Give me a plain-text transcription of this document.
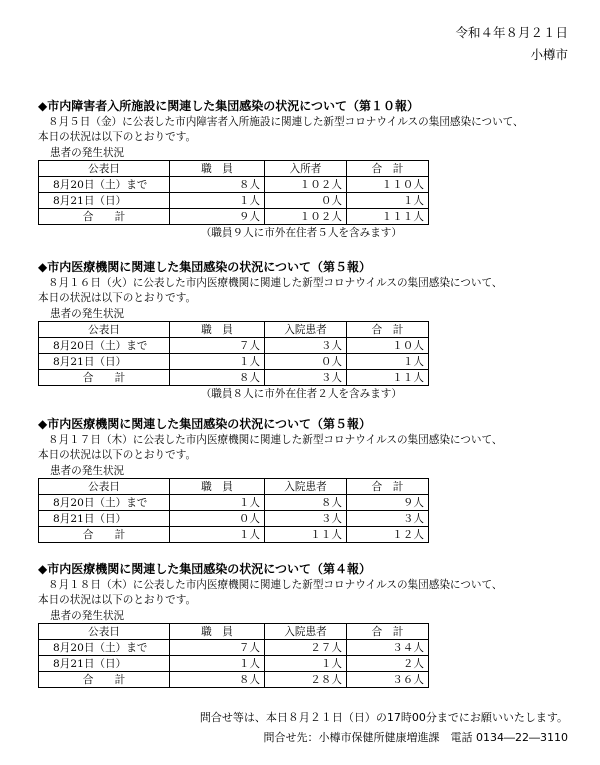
令和４年８月２１日
小樽市

◆市内障害者入所施設に関連した集団感染の状況について（第１０報）

８月５日（金）に公表した市内障害者入所施設に関連した新型コロナウイルスの集団感染について、
本日の状況は以下のとおりです。

患者の発生状況

公表日	職　員	入所者	合　計
8月20日（土）まで	８人	１０２人	１１０人
8月21日（日）	１人	０人	１人
合　　計	９人	１０２人	１１１人

（職員９人に市外在住者５人を含みます）

◆市内医療機関に関連した集団感染の状況について（第５報）

８月１６日（火）に公表した市内医療機関に関連した新型コロナウイルスの集団感染について、
本日の状況は以下のとおりです。

患者の発生状況

公表日	職　員	入院患者	合　計
8月20日（土）まで	７人	３人	１０人
8月21日（日）	１人	０人	１人
合　　計	８人	３人	１１人

（職員８人に市外在住者２人を含みます）

◆市内医療機関に関連した集団感染の状況について（第５報）

８月１７日（木）に公表した市内医療機関に関連した新型コロナウイルスの集団感染について、
本日の状況は以下のとおりです。

患者の発生状況

公表日	職　員	入院患者	合　計
8月20日（土）まで	１人	８人	９人
8月21日（日）	０人	３人	３人
合　　計	１人	１１人	１２人

◆市内医療機関に関連した集団感染の状況について（第４報）

８月１８日（木）に公表した市内医療機関に関連した新型コロナウイルスの集団感染について、
本日の状況は以下のとおりです。

患者の発生状況

公表日	職　員	入院患者	合　計
8月20日（土）まで	７人	２７人	３４人
8月21日（日）	１人	１人	２人
合　　計	８人	２８人	３６人
問合せ等は、本日８月２１日（日）の17時00分までにお願いいたします。
問合せ先：小樽市保健所健康増進課　電話 0134―22―3110
